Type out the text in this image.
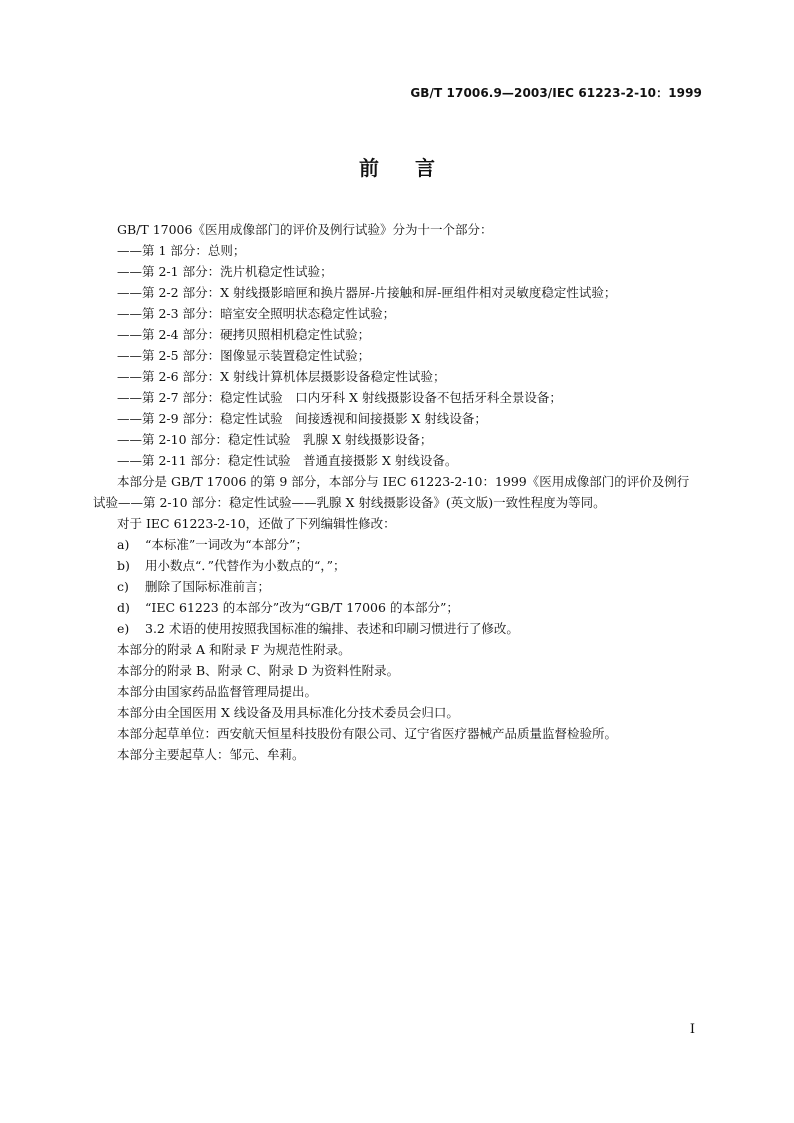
GB/T 17006.9—2003/IEC 61223-2-10：1999
前言

GB/T 17006《医用成像部门的评价及例行试验》分为十一个部分：

——第 1 部分：总则；

——第 2-1 部分：洗片机稳定性试验；

——第 2-2 部分：X 射线摄影暗匣和换片器屏-片接触和屏-匣组件相对灵敏度稳定性试验；

——第 2-3 部分：暗室安全照明状态稳定性试验；

——第 2-4 部分：硬拷贝照相机稳定性试验；

——第 2-5 部分：图像显示装置稳定性试验；

——第 2-6 部分：X 射线计算机体层摄影设备稳定性试验；

——第 2-7 部分：稳定性试验　口内牙科 X 射线摄影设备不包括牙科全景设备；

——第 2-9 部分：稳定性试验　间接透视和间接摄影 X 射线设备；

——第 2-10 部分：稳定性试验　乳腺 X 射线摄影设备；

——第 2-11 部分：稳定性试验　普通直接摄影 X 射线设备。

本部分是 GB/T 17006 的第 9 部分，本部分与 IEC 61223-2-10：1999《医用成像部门的评价及例行
试验——第 2-10 部分：稳定性试验——乳腺 X 射线摄影设备》(英文版)一致性程度为等同。

对于 IEC 61223-2-10，还做了下列编辑性修改：

a) “本标准”一词改为“本部分”；

b) 用小数点“．”代替作为小数点的“，”；

c) 删除了国际标准前言；

d) “IEC 61223 的本部分”改为“GB/T 17006 的本部分”；

e) 3.2 术语的使用按照我国标准的编排、表述和印刷习惯进行了修改。

本部分的附录 A 和附录 F 为规范性附录。

本部分的附录 B、附录 C、附录 D 为资料性附录。

本部分由国家药品监督管理局提出。

本部分由全国医用 X 线设备及用具标准化分技术委员会归口。

本部分起草单位：西安航天恒星科技股份有限公司、辽宁省医疗器械产品质量监督检验所。

本部分主要起草人：邹元、牟莉。

I
